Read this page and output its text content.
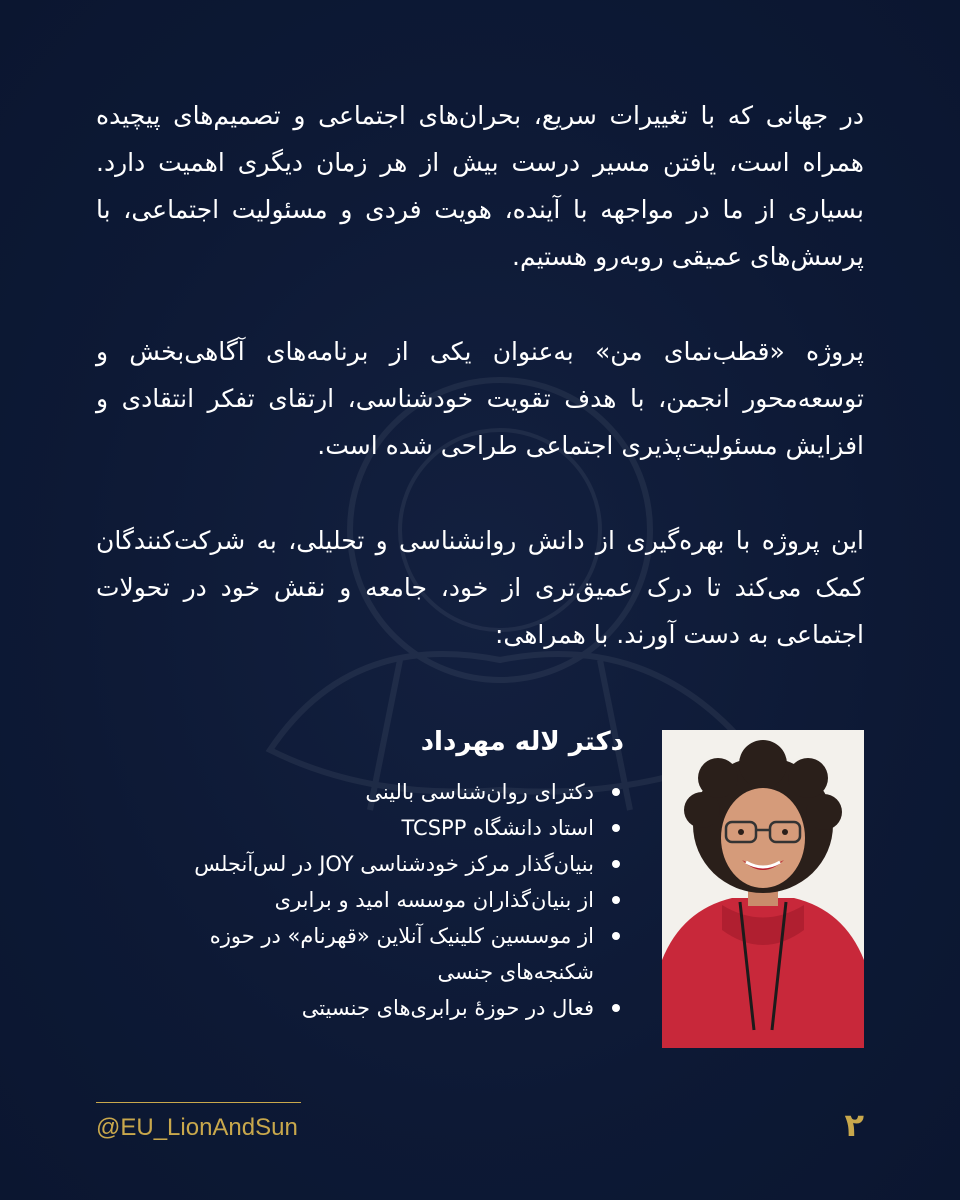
در جهانی که با تغییرات سریع، بحران‌های اجتماعی و تصمیم‌های پیچیده همراه است، یافتن مسیر درست بیش از هر زمان دیگری اهمیت دارد. بسیاری از ما در مواجهه با آینده، هویت فردی و مسئولیت اجتماعی، با پرسش‌های عمیقی روبه‌رو هستیم.

پروژه «قطب‌نمای من» به‌عنوان یکی از برنامه‌های آگاهی‌بخش و توسعه‌محور انجمن، با هدف تقویت خودشناسی، ارتقای تفکر انتقادی و افزایش مسئولیت‌پذیری اجتماعی طراحی شده است.

این پروژه با بهره‌گیری از دانش روانشناسی و تحلیلی، به شرکت‌کنندگان کمک می‌کند تا درک عمیق‌تری از خود، جامعه و نقش خود در تحولات اجتماعی به دست آورند. با همراهی:

دکتر لاله مهرداد
دکترای روان‌شناسی بالینی
استاد دانشگاه TCSPP
بنیان‌گذار مرکز خودشناسی JOY در لس‌آنجلس
از بنیان‌گذاران موسسه امید و برابری
از موسسین کلینیک آنلاین «قهرنام» در حوزه شکنجه‌های جنسی
فعال در حوزهٔ برابری‌های جنسیتی
@EU_LionAndSun	۲
